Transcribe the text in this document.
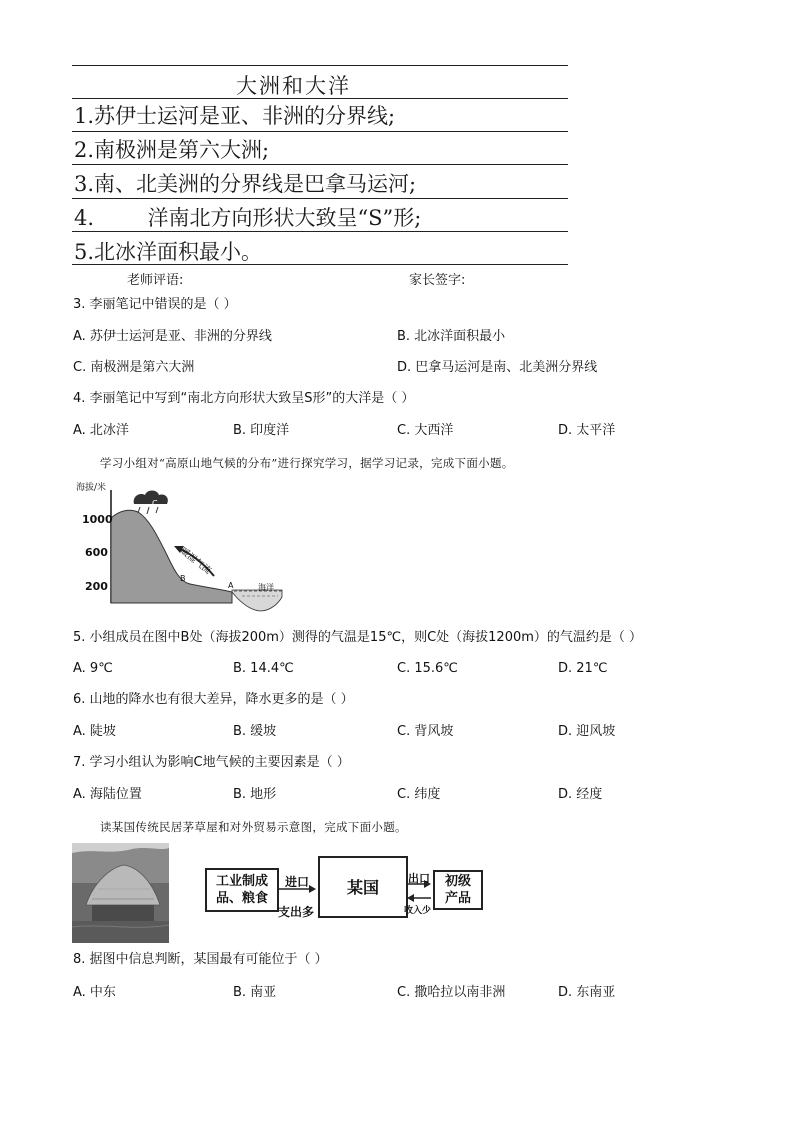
大洲和大洋
1.苏伊士运河是亚、非洲的分界线;
2.南极洲是第六大洲;
3.南、北美洲的分界线是巴拿马运河;
4.        洋南北方向形状大致呈“S”形;
5.北冰洋面积最小。
老师评语:	家长签字:
3. 李丽笔记中错误的是（ ）
A. 苏伊士运河是亚、非洲的分界线	B. 北冰洋面积最小
C. 南极洲是第六大洲	D. 巴拿马运河是南、北美洲分界线
4. 李丽笔记中写到“南北方向形状大致呈S形”的大洋是（ ）
A. 北冰洋	B. 印度洋	C. 大西洋	D. 太平洋
学习小组对“高原山地气候的分布”进行探究学习，据学习记录，完成下面小题。
海拔/米
1000
600
200
暖湿气流
海洋
C
B
A
5. 小组成员在图中B处（海拔200m）测得的气温是15℃，则C处（海拔1200m）的气温约是（ ）
A. 9℃	B. 14.4℃	C. 15.6℃	D. 21℃
6. 山地的降水也有很大差异，降水更多的是（ ）
A. 陡坡	B. 缓坡	C. 背风坡	D. 迎风坡
7. 学习小组认为影响C地气候的主要因素是（ ）
A. 海陆位置	B. 地形	C. 纬度	D. 经度
读某国传统民居茅草屋和对外贸易示意图，完成下面小题。
工业制成品、粮食
某国	初级产品
进口
支出多
出口
收入少
8. 据图中信息判断，某国最有可能位于（ ）
A. 中东	B. 南亚	C. 撒哈拉以南非洲	D. 东南亚
